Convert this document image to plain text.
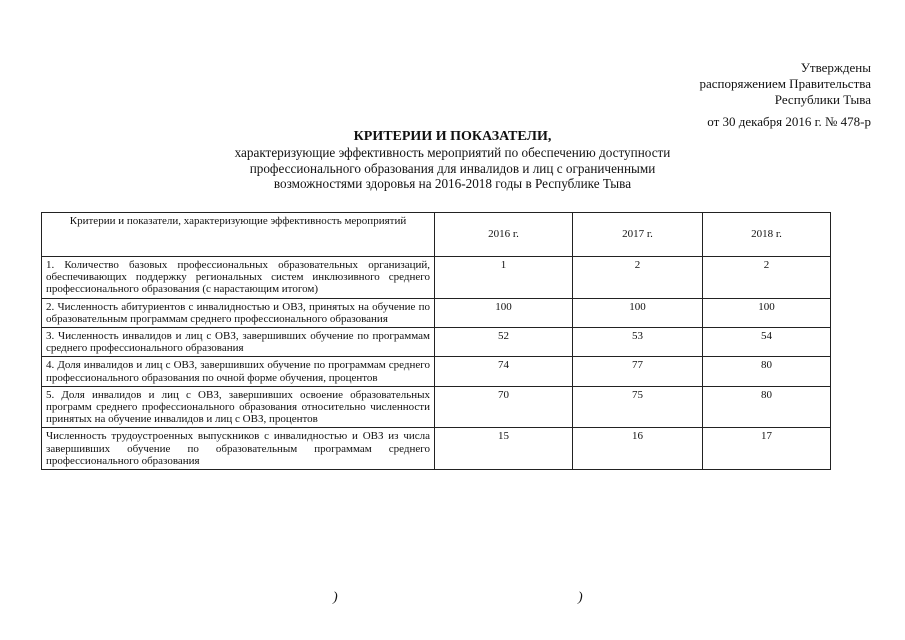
Утверждены
распоряжением Правительства
Республики Тыва
от 30 декабря 2016 г. № 478-р
КРИТЕРИИ И ПОКАЗАТЕЛИ,
характеризующие эффективность мероприятий по обеспечению доступности
профессионального образования для инвалидов и лиц с ограниченными
возможностями здоровья на 2016-2018 годы в Республике Тыва
Критерии и показатели, характеризующие эффективность мероприятий	2016 г.	2017 г.	2018 г.
1. Количество базовых профессиональных образовательных организаций, обеспечивающих поддержку региональных систем инклюзивного среднего профессионального образования (с нарастающим итогом)	1	2	2
2. Численность абитуриентов с инвалидностью и ОВЗ, принятых на обучение по образовательным программам среднего профессионального образования	100	100	100
3. Численность инвалидов и лиц с ОВЗ, завершивших обучение по программам среднего профессионального образования	52	53	54
4. Доля инвалидов и лиц с ОВЗ, завершивших обучение по программам среднего профессионального образования по очной форме обучения, процентов	74	77	80
5. Доля инвалидов и лиц с ОВЗ, завершивших освоение образовательных программ среднего профессионального образования относительно численности принятых на обучение инвалидов и лиц с ОВЗ, процентов	70	75	80
Численность трудоустроенных выпускников с инвалидностью и ОВЗ из числа завершивших обучение по образовательным программам среднего профессионального образования	15	16	17
)	)
